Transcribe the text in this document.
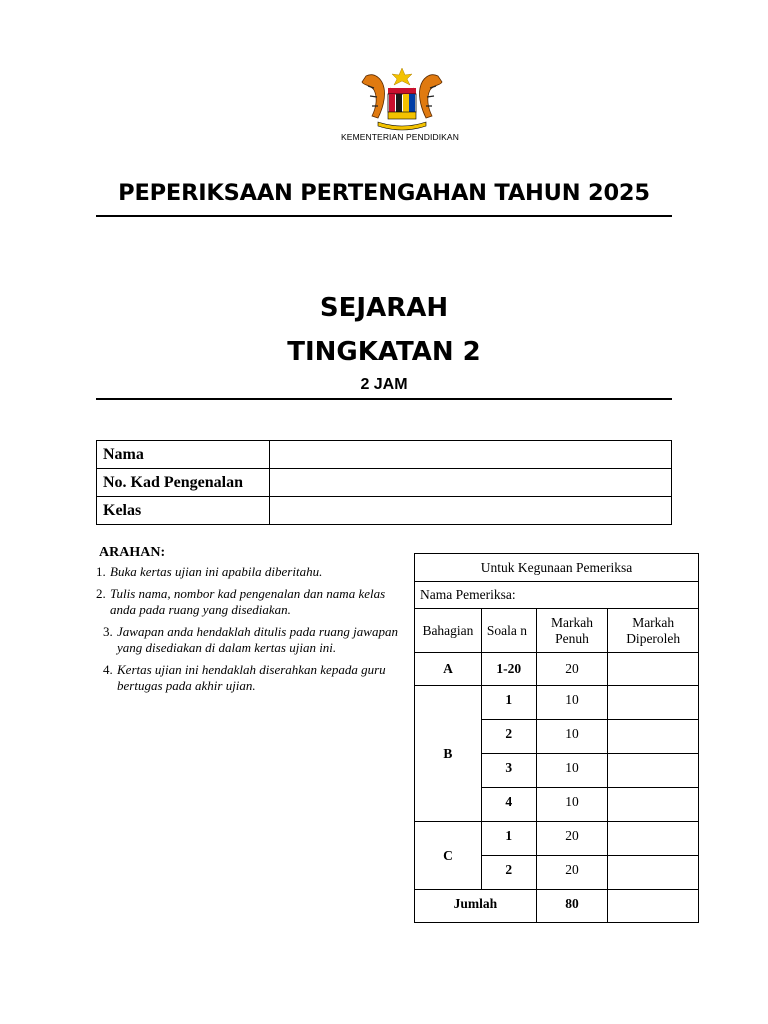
KEMENTERIAN PENDIDIKAN
PEPERIKSAAN PERTENGAHAN TAHUN 2025
SEJARAH
TINGKATAN 2
2 JAM
Nama	
No. Kad Pengenalan	
Kelas	
ARAHAN:
1. Buka kertas ujian ini apabila diberitahu.
2. Tulis nama, nombor kad pengenalan dan nama kelas anda pada ruang yang disediakan.
3. Jawapan anda hendaklah ditulis pada ruang jawapan yang disediakan di dalam kertas ujian ini.
4. Kertas ujian ini hendaklah diserahkan kepada guru bertugas pada akhir ujian.
Untuk Kegunaan Pemeriksa			
Nama Pemeriksa:			
Bahagian	Soala n	Markah Penuh	Markah Diperoleh
A	1-20	20	
B	1	10	
	2	10	
	3	10	
	4	10	
C	1	20	
	2	20	
Jumlah		80	
